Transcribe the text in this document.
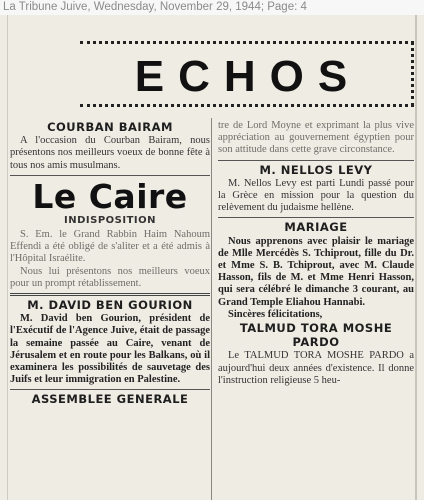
La Tribune Juive, Wednesday, November 29, 1944; Page: 4
ECHOS
COURBAN BAIRAM

A l'occasion du Courban Bairam, nous présentons nos meilleurs voeux de bonne fête à tous nos amis musulmans.

Le Caire
INDISPOSITION

S. Em. le Grand Rabbin Haim Nahoum Effendi a été obligé de s'aliter et a été admis à l'Hôpital Israélite.

Nous lui présentons nos meilleurs voeux pour un prompt rétablissement.

M. DAVID BEN GOURION

M. David ben Gourion, président de l'Exécutif de l'Agence Juive, était de passage la semaine passée au Caire, venant de Jérusalem et en route pour les Balkans, où il examinera les possibilités de sauvetage des Juifs et leur immigration en Palestine.

ASSEMBLEE GENERALE

tre de Lord Moyne et exprimant la plus vive appréciation au gouvernement égyptien pour son attitude dans cette grave circonstance.

M. NELLOS LEVY

M. Nellos Levy est parti Lundi passé pour la Grèce en mission pour la question du relèvement du judaisme hellène.

MARIAGE

Nous apprenons avec plaisir le mariage de Mlle Mercédès S. Tchiprout, fille du Dr. et Mme S. B. Tchiprout, avec M. Claude Hasson, fils de M. et Mme Henri Hasson, qui sera célébré le dimanche 3 courant, au Grand Temple Eliahou Hannabi.

Sincères félicitations,

TALMUD TORA MOSHE
PARDO

Le TALMUD TORA MOSHE PARDO a aujourd'hui deux années d'existence. Il donne l'instruction religieuse 5 heu-
